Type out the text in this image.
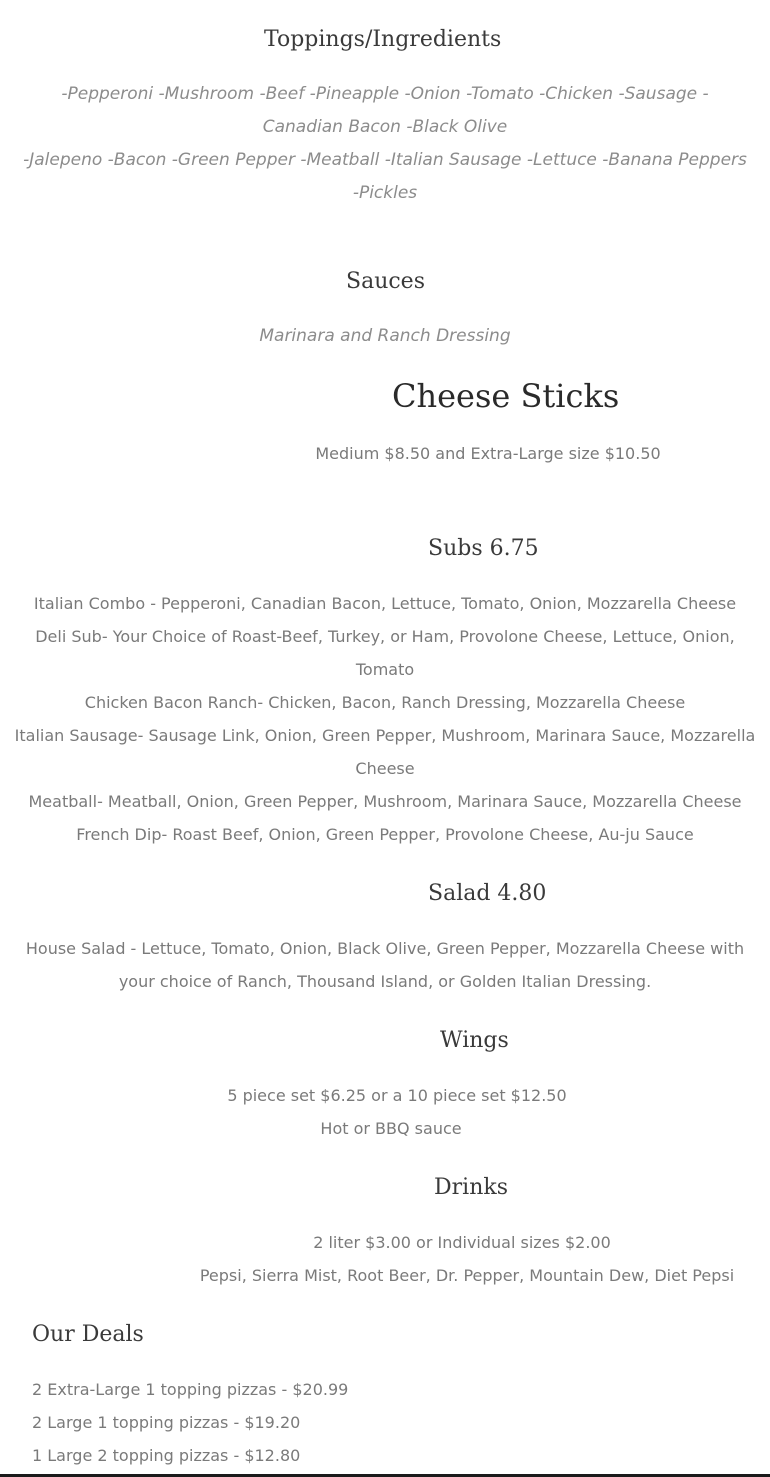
Toppings/Ingredients

-Pepperoni -Mushroom -Beef -Pineapple -Onion -Tomato -Chicken -Sausage -

Canadian Bacon -Black Olive

-Jalepeno -Bacon -Green Pepper -Meatball -Italian Sausage -Lettuce -Banana Peppers

-Pickles

Sauces

Marinara and Ranch Dressing

Cheese Sticks

Medium $8.50 and Extra-Large size $10.50

Subs 6.75

Italian Combo - Pepperoni, Canadian Bacon, Lettuce, Tomato, Onion, Mozzarella Cheese

Deli Sub- Your Choice of Roast-Beef, Turkey, or Ham, Provolone Cheese, Lettuce, Onion,

Tomato

Chicken Bacon Ranch- Chicken, Bacon, Ranch Dressing, Mozzarella Cheese

Italian Sausage- Sausage Link, Onion, Green Pepper, Mushroom, Marinara Sauce, Mozzarella

Cheese

Meatball- Meatball, Onion, Green Pepper, Mushroom, Marinara Sauce, Mozzarella Cheese

French Dip- Roast Beef, Onion, Green Pepper, Provolone Cheese, Au-ju Sauce

Salad 4.80

House Salad - Lettuce, Tomato, Onion, Black Olive, Green Pepper, Mozzarella Cheese with

your choice of Ranch, Thousand Island, or Golden Italian Dressing.

Wings

5 piece set $6.25 or a 10 piece set $12.50

Hot or BBQ sauce

Drinks

2 liter $3.00 or Individual sizes $2.00

Pepsi, Sierra Mist, Root Beer, Dr. Pepper, Mountain Dew, Diet Pepsi

Our Deals

2 Extra-Large 1 topping pizzas - $20.99

2 Large 1 topping pizzas - $19.20

1 Large 2 topping pizzas - $12.80
